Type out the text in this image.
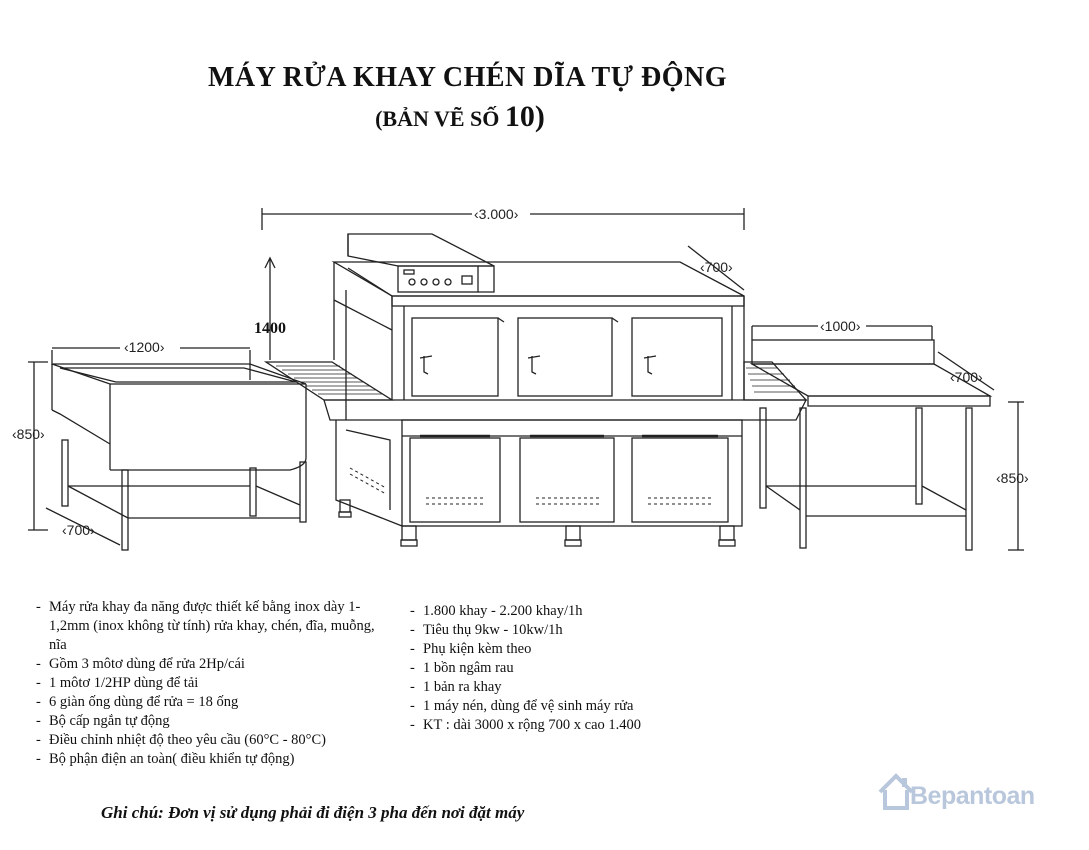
MÁY RỬA KHAY CHÉN DĨA TỰ ĐỘNG
(BẢN VẼ SỐ 10)
‹3.000›
1400
‹1200›
‹850›
‹700›
‹700›
‹1000›
‹700›
‹850›
- Máy rửa khay đa năng được thiết kế bằng inox dày 1- 1,2mm (inox không từ tính) rửa khay, chén, đĩa, muỗng, nĩa
- Gồm 3 môtơ dùng để rửa 2Hp/cái
- 1 môtơ 1/2HP dùng để tải
- 6 giàn ống dùng để rửa = 18 ống
- Bộ cấp ngắn tự động
- Điều chỉnh nhiệt độ theo yêu cầu (60°C - 80°C)
- Bộ phận điện an toàn( điều khiển tự động)
- 1.800 khay - 2.200 khay/1h
- Tiêu thụ 9kw - 10kw/1h
- Phụ kiện kèm theo
- 1 bồn ngâm rau
- 1 bản ra khay
- 1 máy nén, dùng để vệ sinh máy rửa
- KT : dài 3000 x rộng 700 x cao 1.400
Ghi chú: Đơn vị sử dụng phải đi điện 3 pha đến nơi đặt máy
Bepantoan
